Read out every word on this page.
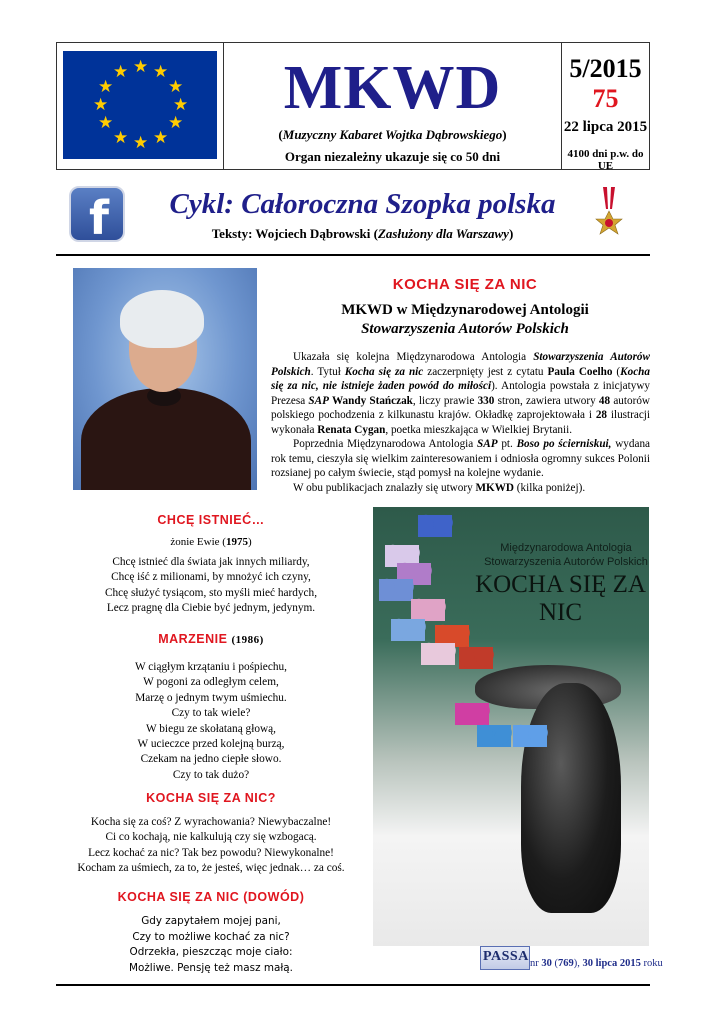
★ ★
★
★
★
★
★
★
★
★
★
★	MKWD
(Muzyczny Kabaret Wojtka Dąbrowskiego)
Organ niezależny ukazuje się co 50 dni
5/2015
75
22 lipca 2015
4100 dni p.w. do UE
f	Cykl: Całoroczna Szopka polska
Teksty: Wojciech Dąbrowski (Zasłużony dla Warszawy)
KOCHA SIĘ ZA NIC
MKWD w Międzynarodowej Antologii
Stowarzyszenia Autorów Polskich

Ukazała się kolejna Międzynarodowa Antologia Stowarzyszenia Autorów Polskich. Tytuł Kocha się za nic zaczerpnięty jest z cytatu Paula Coelho (Kocha się za nic, nie istnieje żaden powód do miłości). Antologia powstała z inicjatywy Prezesa SAP Wandy Stańczak, liczy prawie 330 stron, zawiera utwory 48 autorów polskiego pochodzenia z kilkunastu krajów. Okładkę zaprojektowała i 28 ilustracji wykonała Renata Cygan, poetka mieszkająca w Wielkiej Brytanii.

Poprzednia Międzynarodowa Antologia SAP pt. Boso po ścierniskui, wydana rok temu, cieszyła się wielkim zainteresowaniem i odniosła ogromny sukces Polonii rozsianej po całym świecie, stąd pomysł na kolejne wydanie.

W obu publikacjach znalazły się utwory MKWD (kilka poniżej).

CHCĘ ISTNIEĆ…
żonie Ewie (1975)
Chcę istnieć dla świata jak innych miliardy,
Chcę iść z milionami, by mnożyć ich czyny,
Chcę służyć tysiącom, sto myśli mieć hardych,
Lecz pragnę dla Ciebie być jednym, jedynym.
MARZENIE (1986)
W ciągłym krzątaniu i pośpiechu,
W pogoni za odległym celem,
Marzę o jednym twym uśmiechu.
Czy to tak wiele?
W biegu ze skołataną głową,
W ucieczce przed kolejną burzą,
Czekam na jedno ciepłe słowo.
Czy to tak dużo?
KOCHA SIĘ ZA NIC?
Kocha się za coś? Z wyrachowania? Niewybaczalne!
Ci co kochają, nie kalkulują czy się wzbogacą.
Lecz kochać za nic? Tak bez powodu? Niewykonalne!
Kocham za uśmiech, za to, że jesteś, więc jednak… za coś.
KOCHA SIĘ ZA NIC (DOWÓD)
Gdy zapytałem mojej pani,
Czy to możliwe kochać za nic?
Odrzekła, pieszcząc moje ciało:
Możliwe. Pensję też masz małą.
Międzynarodowa Antologia
Stowarzyszenia Autorów Polskich
KOCHA SIĘ ZA
NIC
PASSA nr 30 (769), 30 lipca 2015 roku
